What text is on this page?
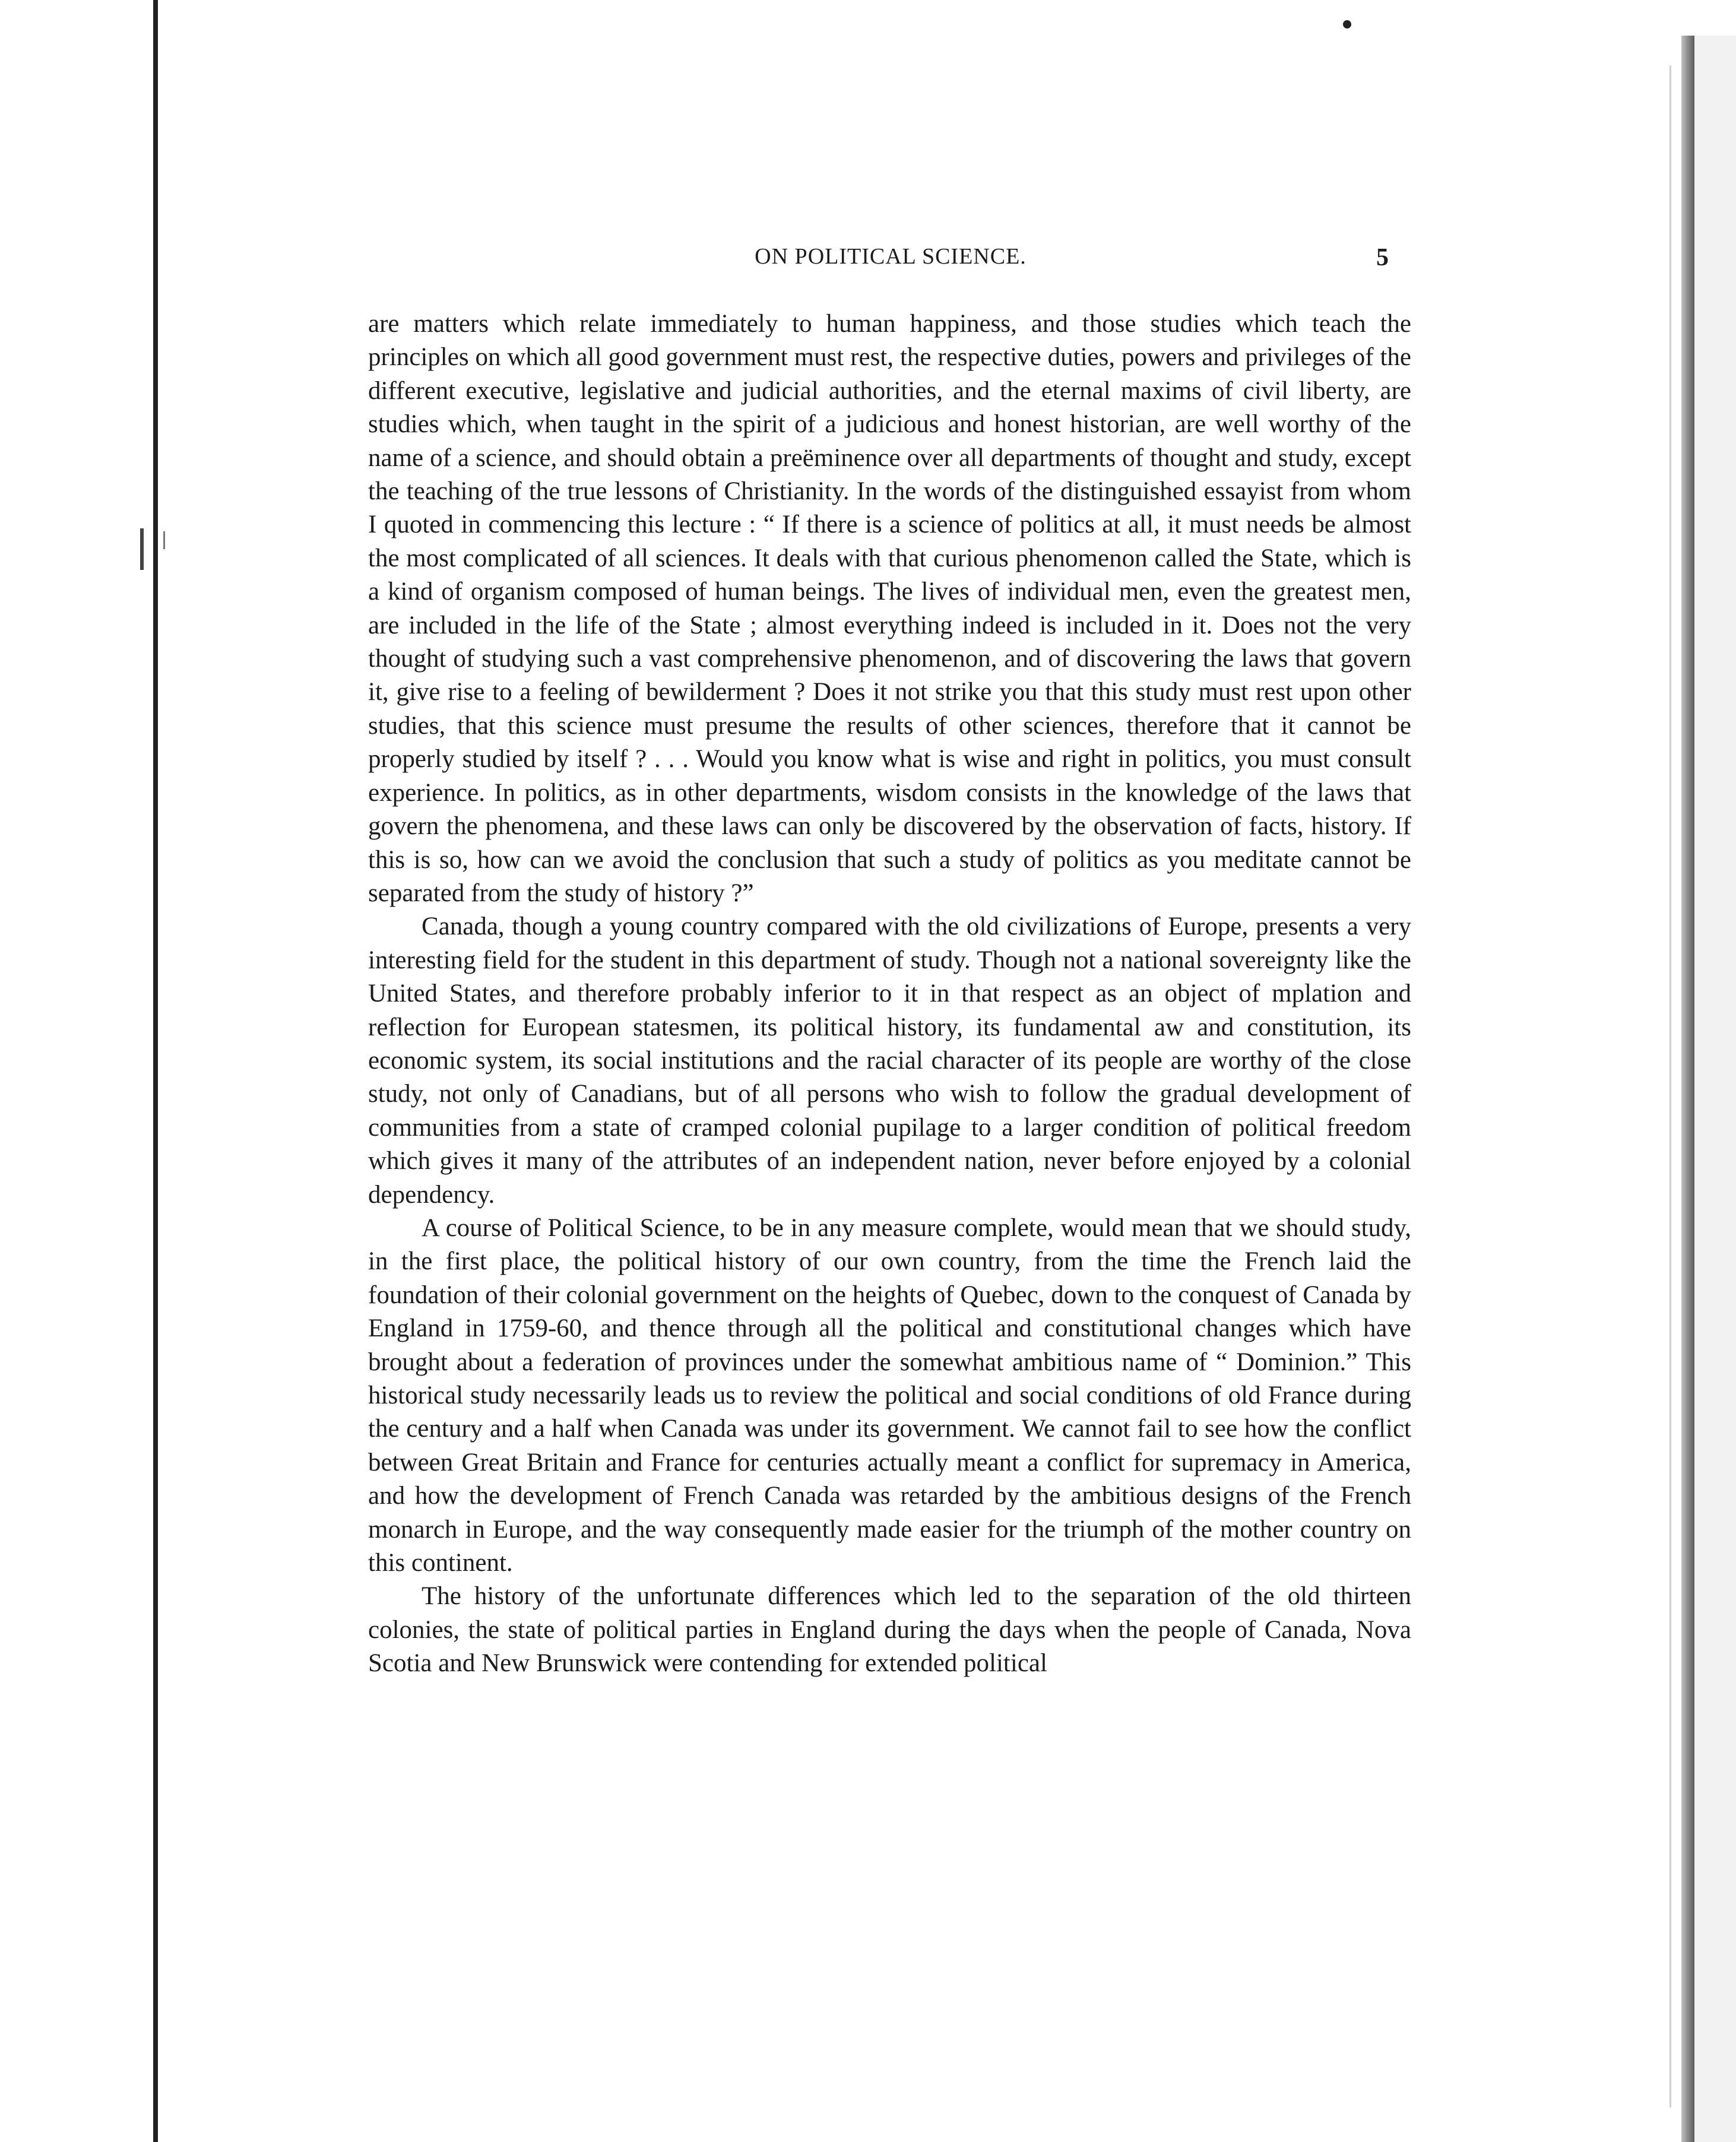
ON POLITICAL SCIENCE.	5

are matters which relate immediately to human happiness, and those studies which teach the principles on which all good government must rest, the respective duties, powers and privileges of the different executive, legislative and judicial authorities, and the eternal maxims of civil liberty, are studies which, when taught in the spirit of a judicious and honest historian, are well worthy of the name of a science, and should obtain a preëminence over all departments of thought and study, except the teaching of the true lessons of Christianity. In the words of the distinguished essayist from whom I quoted in commencing this lecture : “ If there is a science of politics at all, it must needs be almost the most complicated of all sciences. It deals with that curious phenomenon called the State, which is a kind of organism composed of human beings. The lives of individual men, even the greatest men, are included in the life of the State ; almost everything indeed is included in it. Does not the very thought of studying such a vast comprehensive phenomenon, and of discovering the laws that govern it, give rise to a feeling of bewilderment ? Does it not strike you that this study must rest upon other studies, that this science must presume the results of other sciences, therefore that it cannot be properly studied by itself ? . . . Would you know what is wise and right in politics, you must consult experience. In politics, as in other departments, wisdom consists in the knowledge of the laws that govern the phenomena, and these laws can only be discovered by the observation of facts, history. If this is so, how can we avoid the conclusion that such a study of politics as you meditate cannot be separated from the study of history ?”

Canada, though a young country compared with the old civilizations of Europe, presents a very interesting field for the student in this department of study. Though not a national sovereignty like the United States, and therefore probably inferior to it in that respect as an object of mplation and reflection for European statesmen, its political history, its fundamental aw and constitution, its economic system, its social institutions and the racial character of its people are worthy of the close study, not only of Canadians, but of all persons who wish to follow the gradual development of communities from a state of cramped colonial pupilage to a larger condition of political freedom which gives it many of the attributes of an independent nation, never before enjoyed by a colonial dependency.

A course of Political Science, to be in any measure complete, would mean that we should study, in the first place, the political history of our own country, from the time the French laid the foundation of their colonial government on the heights of Quebec, down to the conquest of Canada by England in 1759-60, and thence through all the political and constitutional changes which have brought about a federation of provinces under the somewhat ambitious name of “ Dominion.” This historical study necessarily leads us to review the political and social conditions of old France during the century and a half when Canada was under its government. We cannot fail to see how the conflict between Great Britain and France for centuries actually meant a conflict for supremacy in America, and how the development of French Canada was retarded by the ambitious designs of the French monarch in Europe, and the way consequently made easier for the triumph of the mother country on this continent.

The history of the unfortunate differences which led to the separation of the old thirteen colonies, the state of political parties in England during the days when the people of Canada, Nova Scotia and New Brunswick were contending for extended political
